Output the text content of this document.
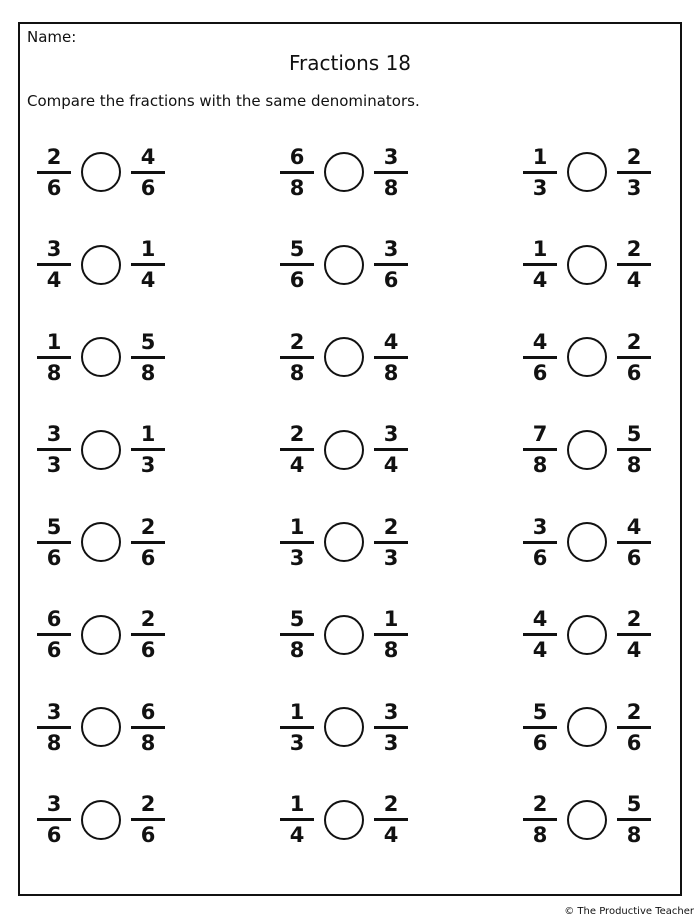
Name:
Fractions 18
Compare the fractions with the same denominators.
$\frac{2}{6}$	$\frac{4}{6}$	$\frac{6}{8}$	$\frac{3}{8}$	$\frac{1}{3}$	$\frac{2}{3}$
$\frac{3}{4}$	$\frac{1}{4}$	$\frac{5}{6}$	$\frac{3}{6}$	$\frac{1}{4}$	$\frac{2}{4}$
$\frac{1}{8}$	$\frac{5}{8}$	$\frac{2}{8}$	$\frac{4}{8}$	$\frac{4}{6}$	$\frac{2}{6}$
$\frac{3}{3}$	$\frac{1}{3}$	$\frac{2}{4}$	$\frac{3}{4}$	$\frac{7}{8}$	$\frac{5}{8}$
$\frac{5}{6}$	$\frac{2}{6}$	$\frac{1}{3}$	$\frac{2}{3}$	$\frac{3}{6}$	$\frac{4}{6}$
$\frac{6}{6}$	$\frac{2}{6}$	$\frac{5}{8}$	$\frac{1}{8}$	$\frac{4}{4}$	$\frac{2}{4}$
$\frac{3}{8}$	$\frac{6}{8}$	$\frac{1}{3}$	$\frac{3}{3}$	$\frac{5}{6}$	$\frac{2}{6}$
$\frac{3}{6}$	$\frac{2}{6}$	$\frac{1}{4}$	$\frac{2}{4}$	$\frac{2}{8}$	$\frac{5}{8}$
© The Productive Teacher
